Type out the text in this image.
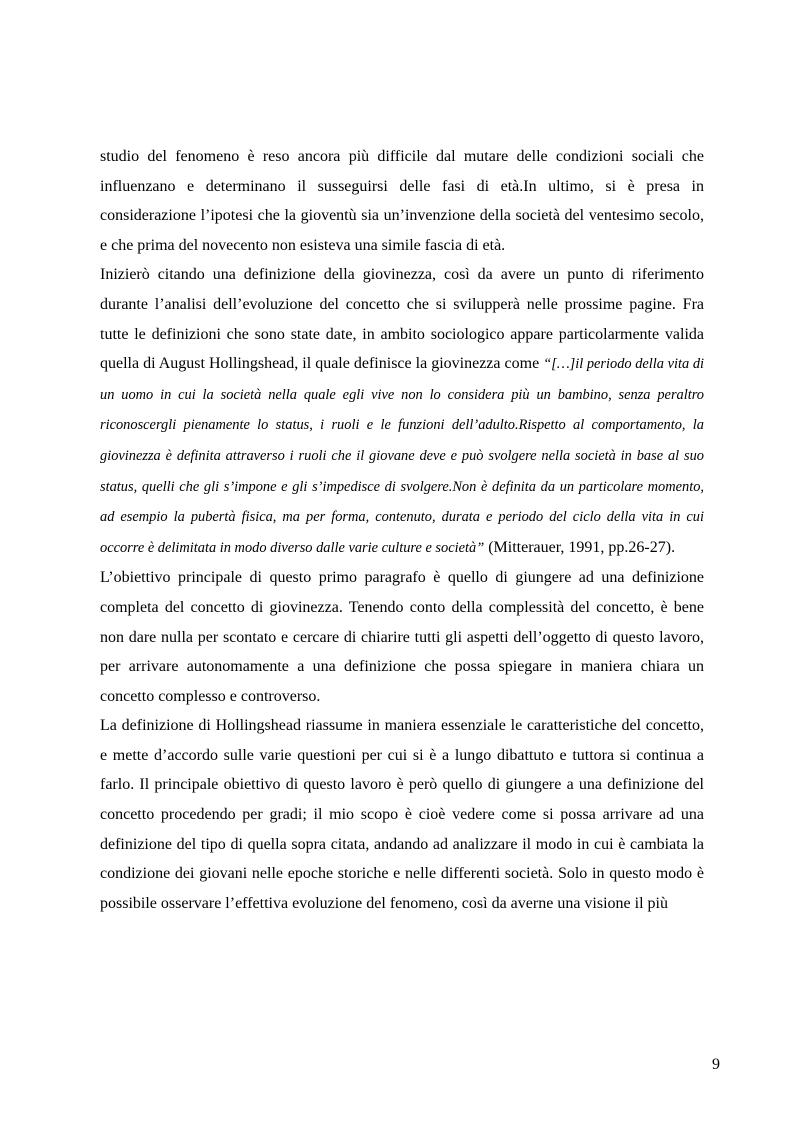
studio del fenomeno è reso ancora più difficile dal mutare delle condizioni sociali che influenzano e determinano il susseguirsi delle fasi di età.In ultimo, si è presa in considerazione l’ipotesi che la gioventù sia un’invenzione della società del ventesimo secolo, e che prima del novecento non esisteva una simile fascia di età.

Inizierò citando una definizione della giovinezza, così da avere un punto di riferimento durante l’analisi dell’evoluzione del concetto che si svilupperà nelle prossime pagine. Fra tutte le definizioni che sono state date, in ambito sociologico appare particolarmente valida quella di August Hollingshead, il quale definisce la giovinezza come “[…]il periodo della vita di un uomo in cui la società nella quale egli vive non lo considera più un bambino, senza peraltro riconoscergli pienamente lo status, i ruoli e le funzioni dell’adulto.Rispetto al comportamento, la giovinezza è definita attraverso i ruoli che il giovane deve e può svolgere nella società in base al suo status, quelli che gli s’impone e gli s’impedisce di svolgere.Non è definita da un particolare momento, ad esempio la pubertà fisica, ma per forma, contenuto, durata e periodo del ciclo della vita in cui occorre è delimitata in modo diverso dalle varie culture e società” (Mitterauer, 1991, pp.26-27).

L’obiettivo principale di questo primo paragrafo è quello di giungere ad una definizione completa del concetto di giovinezza. Tenendo conto della complessità del concetto, è bene non dare nulla per scontato e cercare di chiarire tutti gli aspetti dell’oggetto di questo lavoro, per arrivare autonomamente a una definizione che possa spiegare in maniera chiara un concetto complesso e controverso.

La definizione di Hollingshead riassume in maniera essenziale le caratteristiche del concetto, e mette d’accordo sulle varie questioni per cui si è a lungo dibattuto e tuttora si continua a farlo. Il principale obiettivo di questo lavoro è però quello di giungere a una definizione del concetto procedendo per gradi; il mio scopo è cioè vedere come si possa arrivare ad una definizione del tipo di quella sopra citata, andando ad analizzare il modo in cui è cambiata la condizione dei giovani nelle epoche storiche e nelle differenti società. Solo in questo modo è possibile osservare l’effettiva evoluzione del fenomeno, così da averne una visione il più

9
